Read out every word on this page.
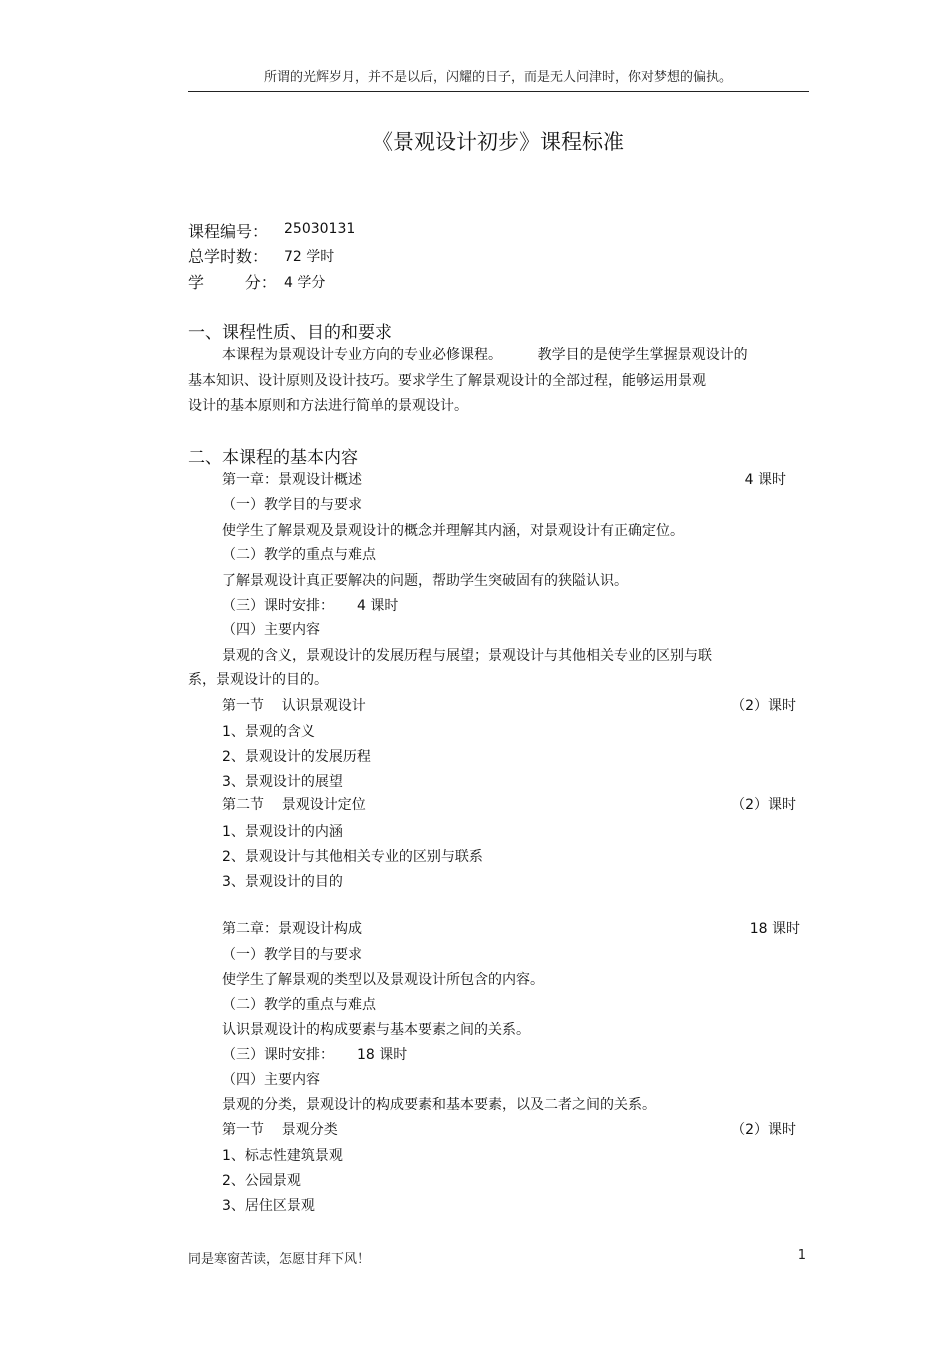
所谓的光辉岁月，并不是以后，闪耀的日子，而是无人问津时，你对梦想的偏执。
《景观设计初步》课程标准
课程编号： 25030131
总学时数： 72 学时
学        分： 4 学分
一、课程性质、目的和要求
本课程为景观设计专业方向的专业必修课程。        教学目的是使学生掌握景观设计的
基本知识、设计原则及设计技巧。要求学生了解景观设计的全部过程，能够运用景观
设计的基本原则和方法进行简单的景观设计。
二、本课程的基本内容
第一章：景观设计概述	4 课时
（一）教学目的与要求
使学生了解景观及景观设计的概念并理解其内涵，对景观设计有正确定位。
（二）教学的重点与难点
了解景观设计真正要解决的问题，帮助学生突破固有的狭隘认识。
（三）课时安排： 4 课时
（四）主要内容
景观的含义，景观设计的发展历程与展望；景观设计与其他相关专业的区别与联
系，景观设计的目的。
第一节    认识景观设计	（2）课时
1、景观的含义
2、景观设计的发展历程
3、景观设计的展望
第二节    景观设计定位	（2）课时
1、景观设计的内涵
2、景观设计与其他相关专业的区别与联系
3、景观设计的目的
第二章：景观设计构成	18 课时
（一）教学目的与要求
使学生了解景观的类型以及景观设计所包含的内容。
（二）教学的重点与难点
认识景观设计的构成要素与基本要素之间的关系。
（三）课时安排： 18 课时
（四）主要内容
景观的分类，景观设计的构成要素和基本要素，以及二者之间的关系。
第一节    景观分类	（2）课时
1、标志性建筑景观
2、公园景观
3、居住区景观
同是寒窗苦读，怎愿甘拜下风！	1
